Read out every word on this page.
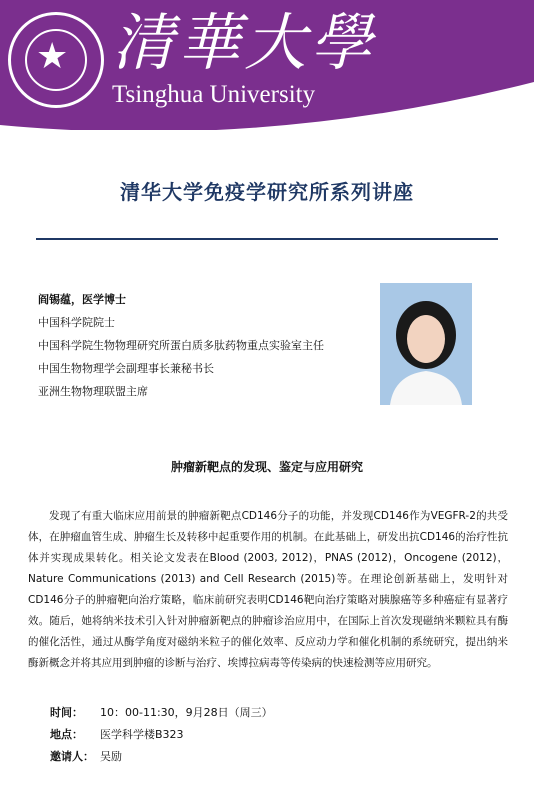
★ 清華大學
Tsinghua University
清华大学免疫学研究所系列讲座
阎锡蕴，医学博士
中国科学院院士
中国科学院生物物理研究所蛋白质多肽药物重点实验室主任
中国生物物理学会副理事长兼秘书长
亚洲生物物理联盟主席
肿瘤新靶点的发现、鉴定与应用研究

发现了有重大临床应用前景的肿瘤新靶点CD146分子的功能，并发现CD146作为VEGFR-2的共受体，在肿瘤血管生成、肿瘤生长及转移中起重要作用的机制。在此基础上，研发出抗CD146的治疗性抗体并实现成果转化。相关论文发表在Blood (2003, 2012)，PNAS (2012)，Oncogene (2012)，Nature Communications (2013) and Cell Research (2015)等。在理论创新基础上，发明针对CD146分子的肿瘤靶向治疗策略，临床前研究表明CD146靶向治疗策略对胰腺癌等多种癌症有显著疗效。随后，她将纳米技术引入针对肿瘤新靶点的肿瘤诊治应用中，在国际上首次发现磁纳米颗粒具有酶的催化活性，通过从酶学角度对磁纳米粒子的催化效率、反应动力学和催化机制的系统研究，提出纳米酶新概念并将其应用到肿瘤的诊断与治疗、埃博拉病毒等传染病的快速检测等应用研究。

时间： 10：00-11:30，9月28日（周三）
地点： 医学科学楼B323
邀请人： 吴励
